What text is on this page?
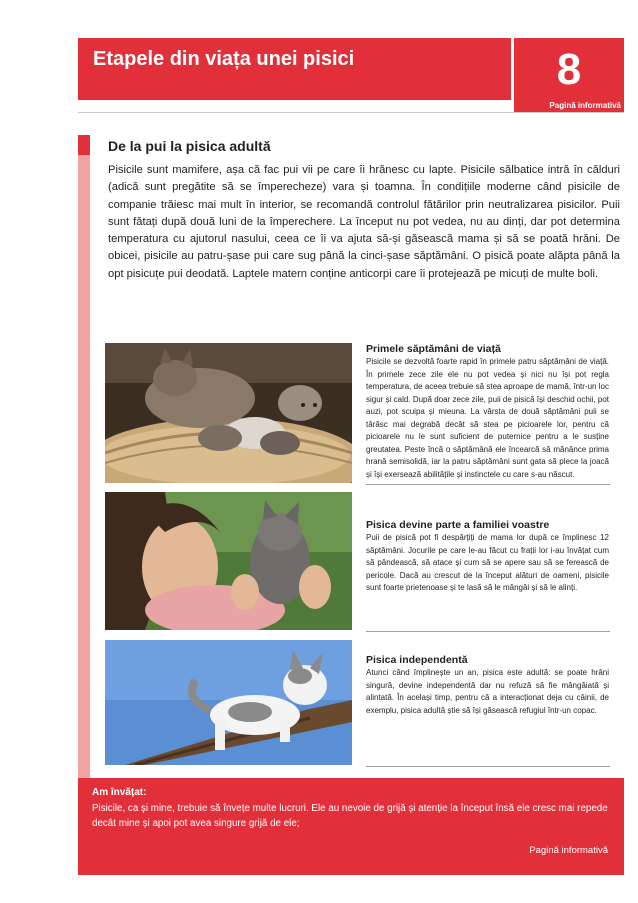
Etapele din viața unei pisici	8
Pagină informativă
De la pui la pisica adultă
Pisicile sunt mamifere, așa că fac pui vii pe care îi hrănesc cu lapte. Pisicile sălbatice intră în călduri (adică sunt pregătite să se împerecheze) vara și toamna. În condițiile moderne când pisicile de companie trăiesc mai mult în interior, se recomandă controlul fătărilor prin neutralizarea pisicilor. Puii sunt fătați după două luni de la împerechere. La început nu pot vedea, nu au dinți, dar pot determina temperatura cu ajutorul nasului, ceea ce îi va ajuta să-și găsească mama și să se poată hrăni. De obicei, pisicile au patru-șase pui care sug până la cinci-șase săptămâni. O pisică poate alăpta până la opt pisicuțe pui deodată. Laptele matern conține anticorpi care îi protejează pe micuți de multe boli.
Primele săptămâni de viață
Pisicile se dezvoltă foarte rapid în primele patru săptămâni de viață. În primele zece zile ele nu pot vedea și nici nu își pot regla temperatura, de aceea trebuie să stea aproape de mamă, într-un loc sigur și cald. După doar zece zile, puii de pisică își deschid ochii, pot auzi, pot scuipa și mieuna. La vârsta de două săptămâni puii se târăsc mai degrabă decât să stea pe picioarele lor, pentru că picioarele nu le sunt suficient de puternice pentru a le susține greutatea. Peste încă o săptămână ele încearcă să mănânce prima hrană semisolidă, iar la patru săptămâni sunt gata să plece la joacă și își exersează abilitățile și instinctele cu care s-au născut.
Pisica devine parte a familiei voastre
Puii de pisică pot fi despărțiți de mama lor după ce împlinesc 12 săptămâni. Jocurile pe care le-au făcut cu frații lor i-au învățat cum să pândească, să atace și cum să se apere sau să se ferească de pericole. Dacă au crescut de la început alături de oameni, pisicile sunt foarte prietenoase și te lasă să le mângâi și să le alinți.
Pisica independentă
Atunci când împlinește un an, pisica este adultă: se poate hrăni singură, devine independentă dar nu refuză să fie mângâiată și alintată. În același timp, pentru că a interacționat deja cu câinii, de exemplu, pisica adultă știe să își găsească refugiul într-un copac.
Am învățat:
Pisicile, ca și mine, trebuie să învețe multe lucruri. Ele au nevoie de grijă și atenție la început însă ele cresc mai repede decât mine și apoi pot avea singure grijă de ele;
Pagină informativă
